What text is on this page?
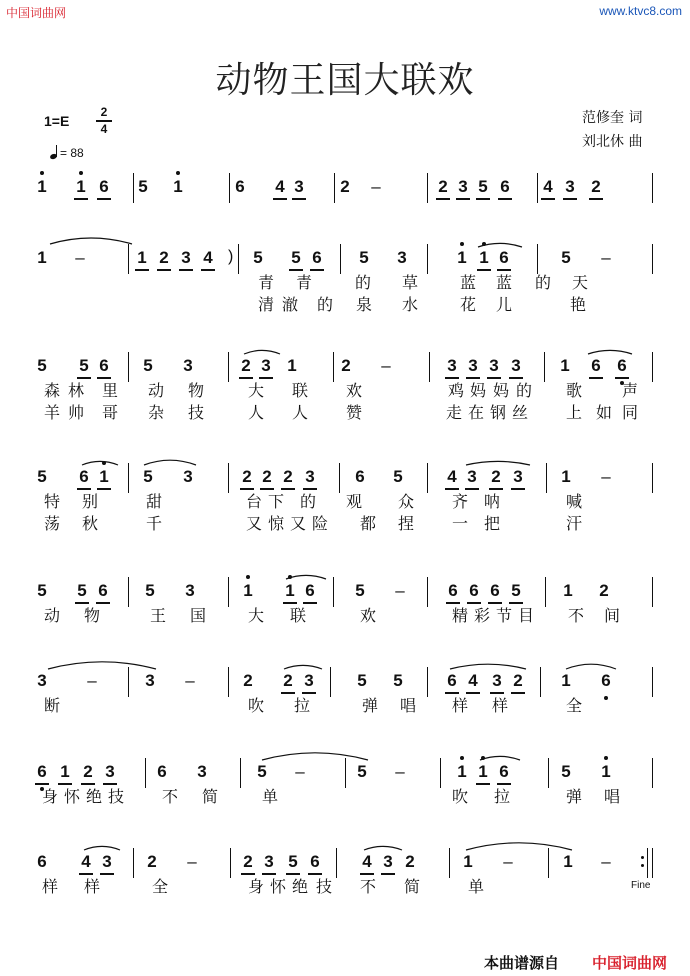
中国词曲网	www.ktvc8.com
动物王国大联欢
1=E
2
4
= 88
范修奎 词
刘北休 曲
1 1 6 5 1	6 4 3 2 –	2 3 5 6 4 3 2
1 –	1 2 3 4 5 5 6 5 3	1 1 6	5 –
青 青	的 草	蓝 蓝 的 天
清 澈 的 泉 水	花 儿	艳
5 5 6 5 3	2 3 1	2 –	3 3 3 3 1 6 6
森 林 里 动 物	大 联 欢	鸡 妈 妈 的 歌 声
羊 帅 哥 杂 技	人 人 赞	走 在 钢 丝 上 如 同
5 6 1 5 3	2 2 2 3 6 5	4 3 2 3 1 –
特 别	甜	台 下 的 观 众 齐 呐	喊
荡 秋	千	又 惊 又 险 都 捏 一 把	汗
5 5 6 5 3	1 1 6 5 –	6 6 6 5	1 2
动 物	王 国	大 联	欢	精 彩 节 目 不 间
3 –	3 –	2 2 3	5 5	6 4 3 2 1 6
断	吹 拉	弹 唱 样 样	全
6 1 2 3	6 3	5 –	5 –	1 1 6	5 1
身 怀 绝 技 不 简	单	吹 拉	弹 唱
6 4 3 2 –	2 3 5 6	4 3 2	1 –	1 –
样 样	全	身 怀 绝 技 不 简	单	Fine
本曲谱源自 中国词曲网
)
